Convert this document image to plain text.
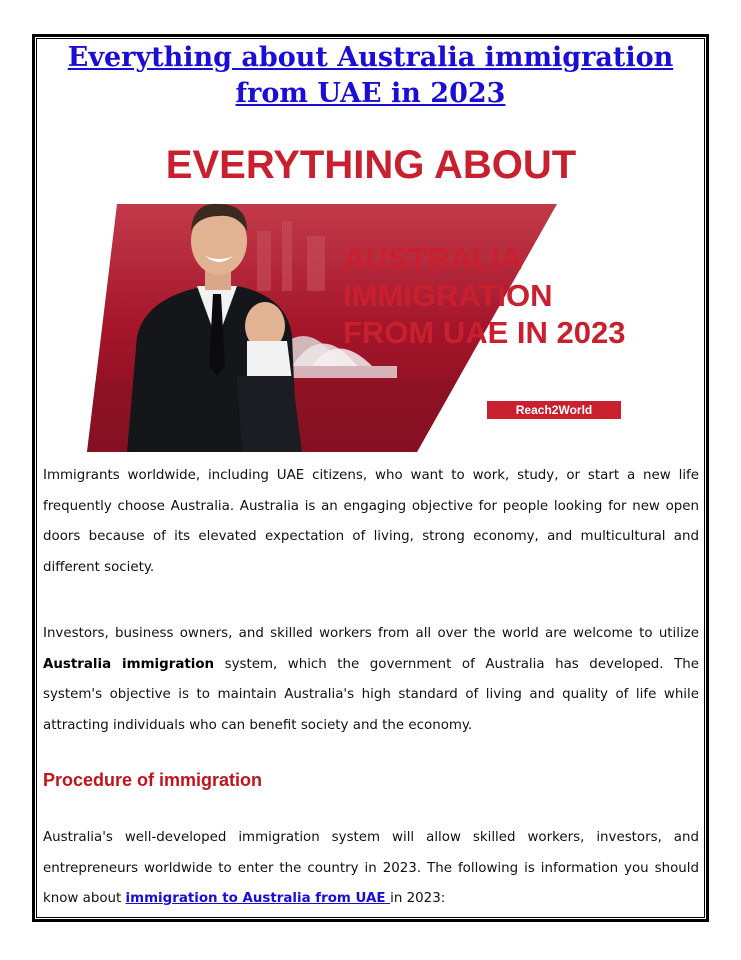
Everything about Australia immigration
from UAE in 2023
EVERYTHING ABOUT
AUSTRALIA
IMMIGRATION
FROM UAE IN 2023
Reach2World

Immigrants worldwide, including UAE citizens, who want to work, study, or start a new life frequently choose Australia. Australia is an engaging objective for people looking for new open doors because of its elevated expectation of living, strong economy, and multicultural and different society.

Investors, business owners, and skilled workers from all over the world are welcome to utilize Australia immigration system, which the government of Australia has developed. The system's objective is to maintain Australia's high standard of living and quality of life while attracting individuals who can benefit society and the economy.

Procedure of immigration

Australia's well-developed immigration system will allow skilled workers, investors, and entrepreneurs worldwide to enter the country in 2023. The following is information you should know about immigration to Australia from UAE in 2023:
